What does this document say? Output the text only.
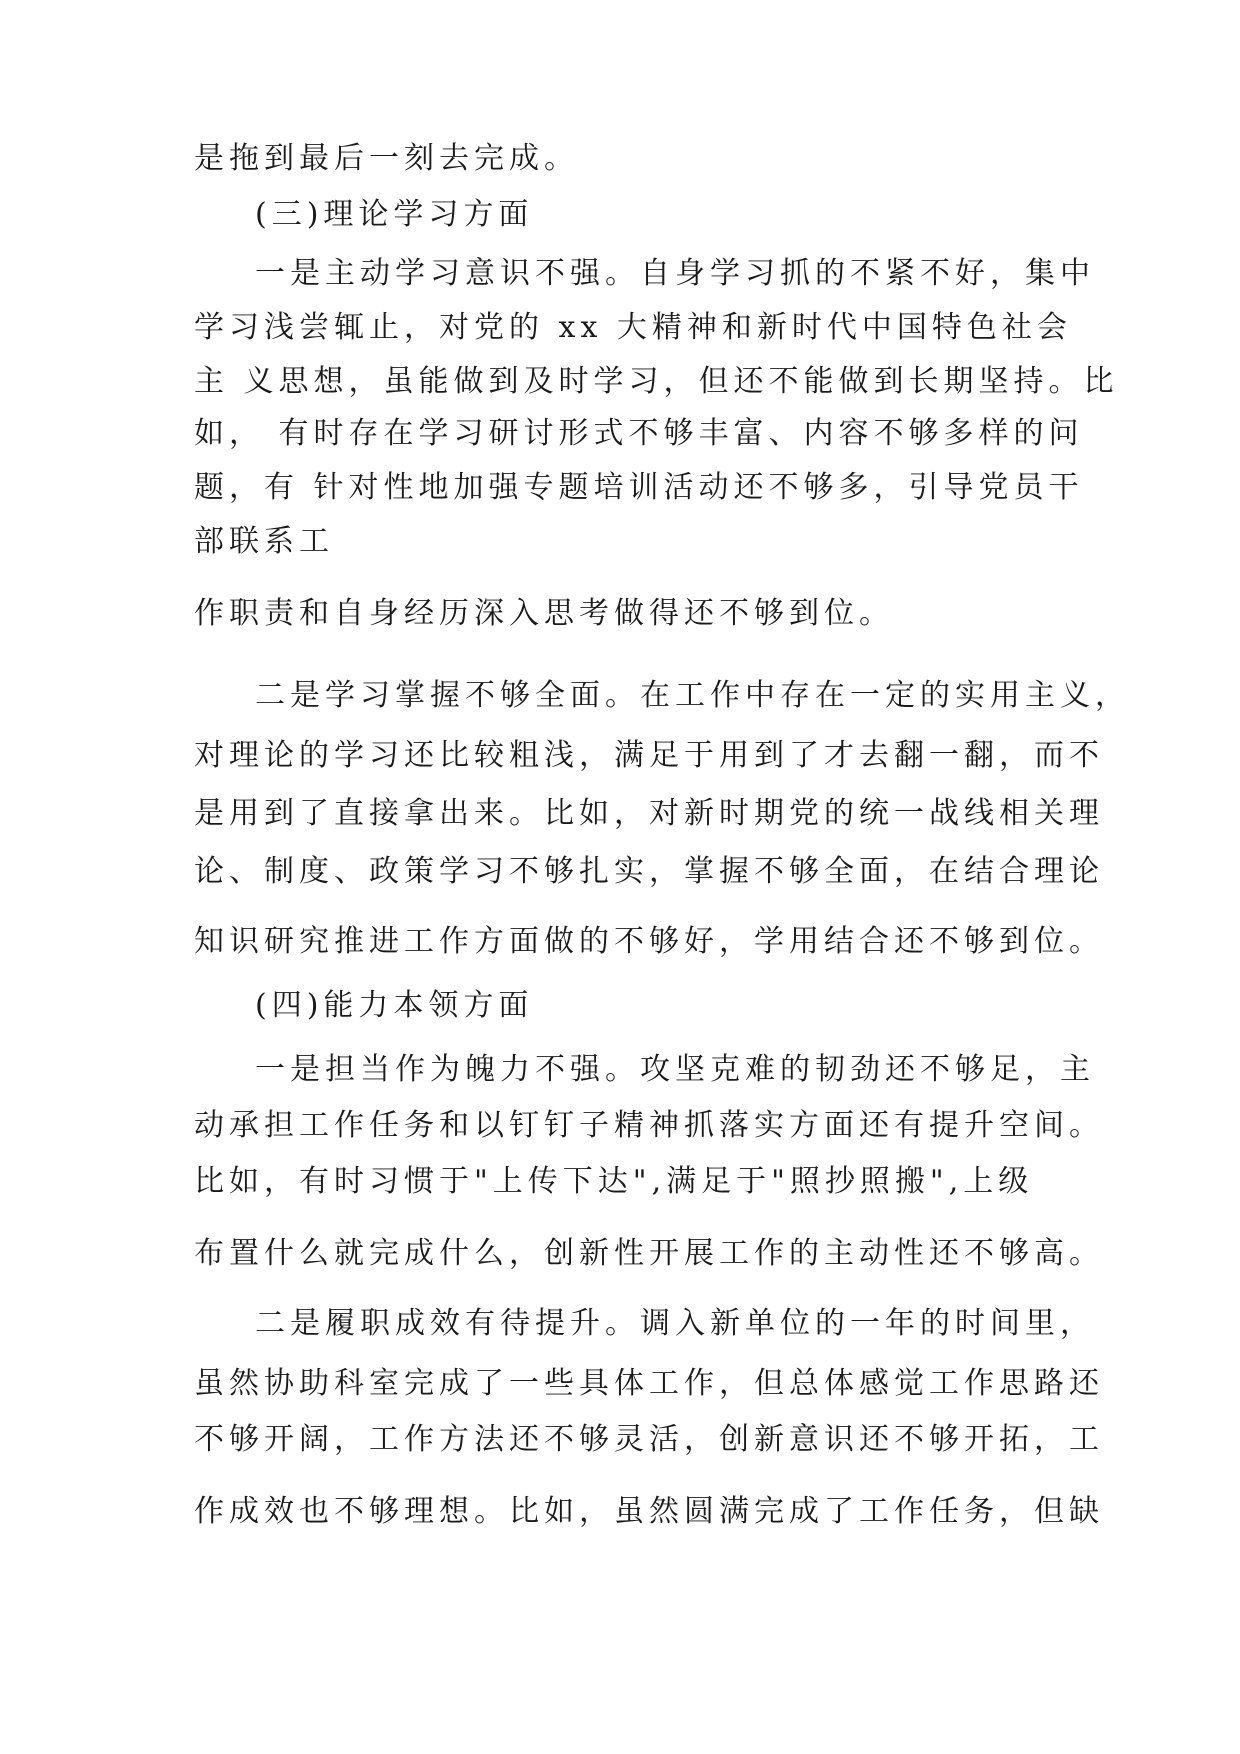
是拖到最后一刻去完成。

(三)理论学习方面

一是主动学习意识不强。自身学习抓的不紧不好，集中

学习浅尝辄止，对党的 xx 大精神和新时代中国特色社会

主 义思想，虽能做到及时学习，但还不能做到长期坚持。比

如， 有时存在学习研讨形式不够丰富、内容不够多样的问

题，有 针对性地加强专题培训活动还不够多，引导党员干

部联系工

作职责和自身经历深入思考做得还不够到位。

二是学习掌握不够全面。在工作中存在一定的实用主义，

对理论的学习还比较粗浅，满足于用到了才去翻一翻，而不

是用到了直接拿出来。比如，对新时期党的统一战线相关理

论、制度、政策学习不够扎实，掌握不够全面，在结合理论

知识研究推进工作方面做的不够好，学用结合还不够到位。

(四)能力本领方面

一是担当作为魄力不强。攻坚克难的韧劲还不够足，主

动承担工作任务和以钉钉子精神抓落实方面还有提升空间。

比如，有时习惯于"上传下达",满足于"照抄照搬",上级

布置什么就完成什么，创新性开展工作的主动性还不够高。

二是履职成效有待提升。调入新单位的一年的时间里，

虽然协助科室完成了一些具体工作，但总体感觉工作思路还

不够开阔，工作方法还不够灵活，创新意识还不够开拓，工

作成效也不够理想。比如，虽然圆满完成了工作任务，但缺
